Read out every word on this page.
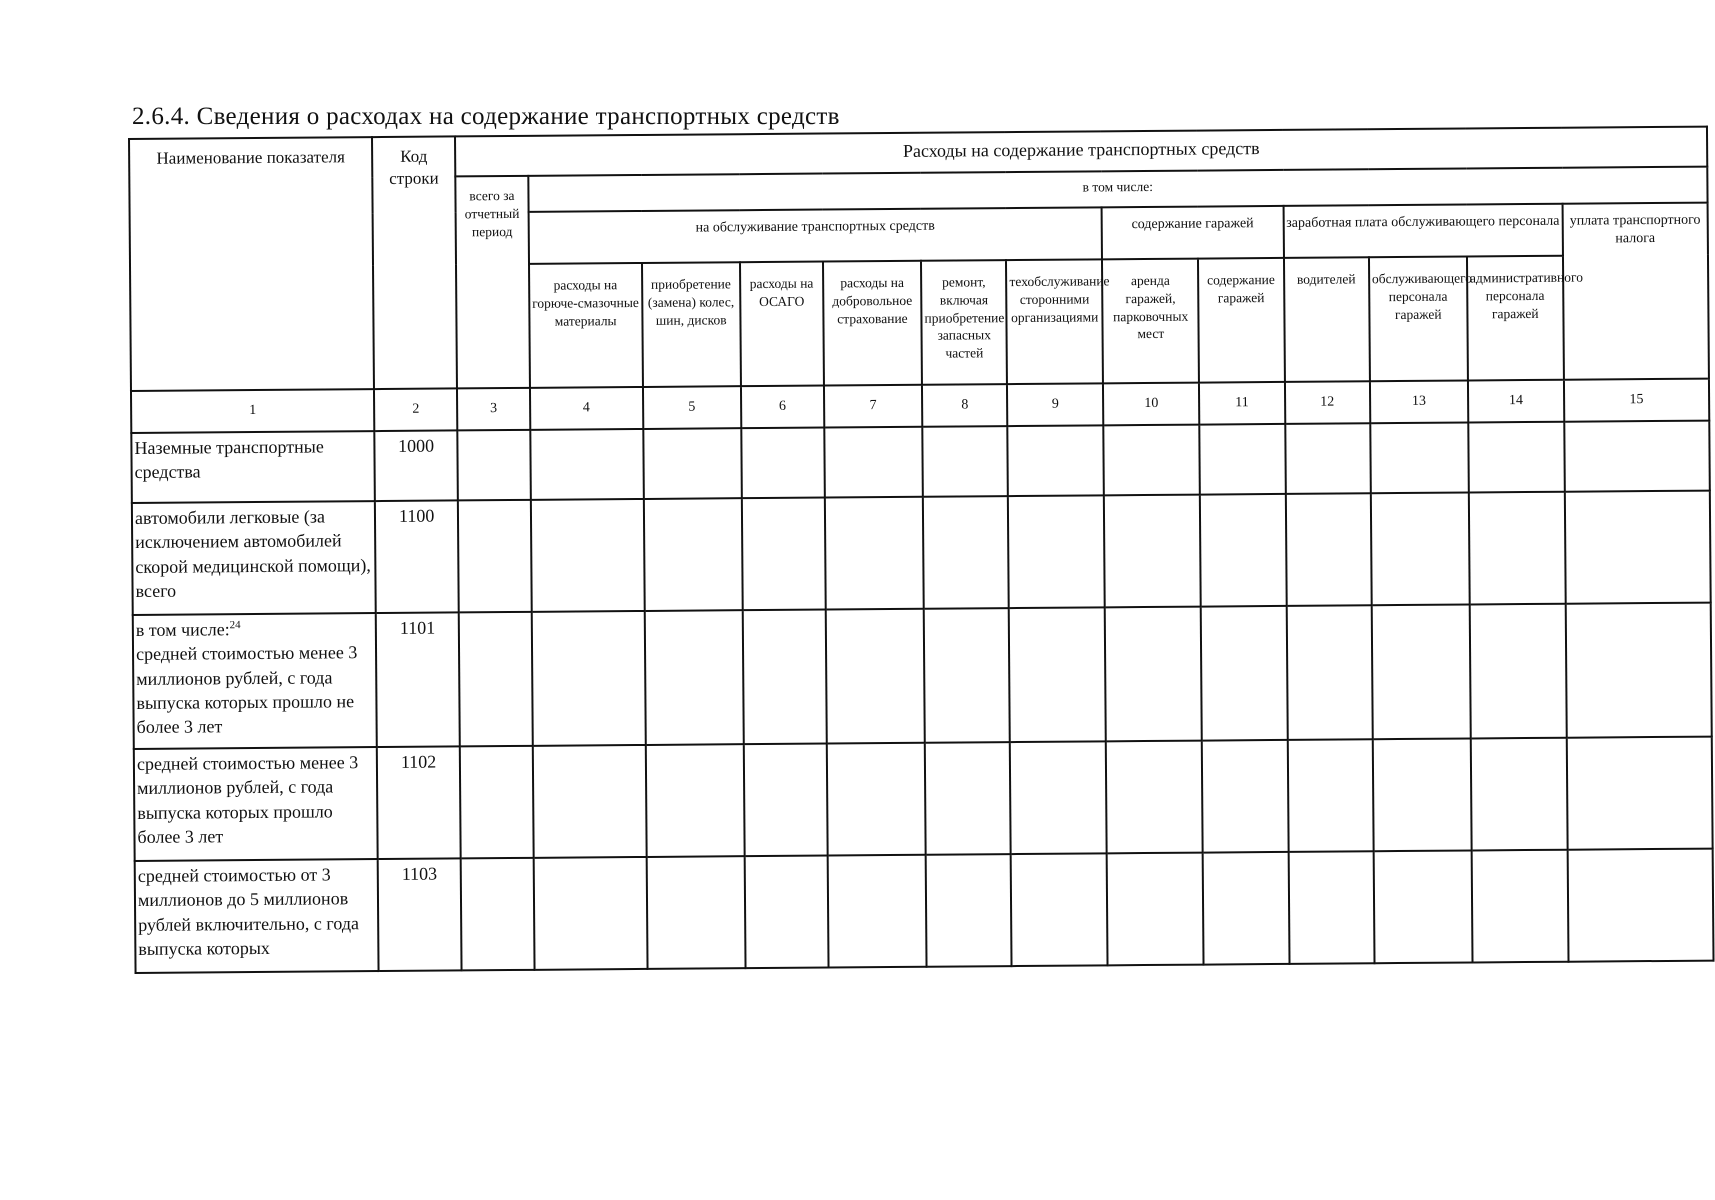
2.6.4. Сведения о расходах на содержание транспортных средств
Наименование показателя	Код строки	Расходы на содержание транспортных средств												
		всего за отчетный период	в том числе:											
			на обслуживание транспортных средств						содержание гаражей		заработная плата обслуживающего персонала			уплата транспортного налога
			расходы на горюче-смазочные материалы	приобретение (замена) колес, шин, дисков	расходы на ОСАГО	расходы на добровольное страхование	ремонт, включая приобретение запасных частей	техобслуживание сторонними организациями	аренда гаражей, парковочных мест	содержание гаражей	водителей	обслуживающего персонала гаражей	административного персонала гаражей	
1	2	3	4	5	6	7	8	9	10	11	12	13	14	15
Наземные транспортные средства	1000													
автомобили легковые (за исключением автомобилей скорой медицинской помощи), всего	1100													
в том числе:$^{24}$
средней стоимостью менее 3 миллионов рублей, с года выпуска которых прошло не более 3 лет	1101													
средней стоимостью менее 3 миллионов рублей, с года выпуска которых прошло более 3 лет	1102													
средней стоимостью от 3 миллионов до 5 миллионов рублей включительно, с года выпуска которых	1103													
